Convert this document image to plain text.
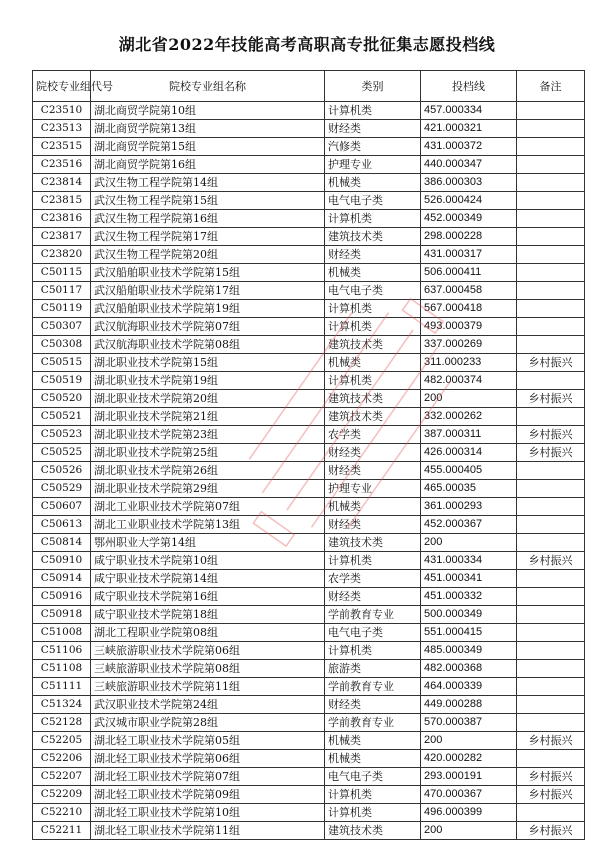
湖北省2022年技能高考高职高专批征集志愿投档线
院校专业组代号	院校专业组名称	类别	投档线	备注
C23510	湖北商贸学院第10组	计算机类	457.000334	
C23513	湖北商贸学院第13组	财经类	421.000321	
C23515	湖北商贸学院第15组	汽修类	431.000372	
C23516	湖北商贸学院第16组	护理专业	440.000347	
C23814	武汉生物工程学院第14组	机械类	386.000303	
C23815	武汉生物工程学院第15组	电气电子类	526.000424	
C23816	武汉生物工程学院第16组	计算机类	452.000349	
C23817	武汉生物工程学院第17组	建筑技术类	298.000228	
C23820	武汉生物工程学院第20组	财经类	431.000317	
C50115	武汉船舶职业技术学院第15组	机械类	506.000411	
C50117	武汉船舶职业技术学院第17组	电气电子类	637.000458	
C50119	武汉船舶职业技术学院第19组	计算机类	567.000418	
C50307	武汉航海职业技术学院第07组	计算机类	493.000379	
C50308	武汉航海职业技术学院第08组	建筑技术类	337.000269	
C50515	湖北职业技术学院第15组	机械类	311.000233	乡村振兴
C50519	湖北职业技术学院第19组	计算机类	482.000374	
C50520	湖北职业技术学院第20组	建筑技术类	200	乡村振兴
C50521	湖北职业技术学院第21组	建筑技术类	332.000262	
C50523	湖北职业技术学院第23组	农学类	387.000311	乡村振兴
C50525	湖北职业技术学院第25组	财经类	426.000314	乡村振兴
C50526	湖北职业技术学院第26组	财经类	455.000405	
C50529	湖北职业技术学院第29组	护理专业	465.00035	
C50607	湖北工业职业技术学院第07组	机械类	361.000293	
C50613	湖北工业职业技术学院第13组	财经类	452.000367	
C50814	鄂州职业大学第14组	建筑技术类	200	
C50910	咸宁职业技术学院第10组	计算机类	431.000334	乡村振兴
C50914	咸宁职业技术学院第14组	农学类	451.000341	
C50916	咸宁职业技术学院第16组	财经类	451.000332	
C50918	咸宁职业技术学院第18组	学前教育专业	500.000349	
C51008	湖北工程职业学院第08组	电气电子类	551.000415	
C51106	三峡旅游职业技术学院第06组	计算机类	485.000349	
C51108	三峡旅游职业技术学院第08组	旅游类	482.000368	
C51111	三峡旅游职业技术学院第11组	学前教育专业	464.000339	
C51324	武汉职业技术学院第24组	财经类	449.000288	
C52128	武汉城市职业学院第28组	学前教育专业	570.000387	
C52205	湖北轻工职业技术学院第05组	机械类	200	乡村振兴
C52206	湖北轻工职业技术学院第06组	机械类	420.000282	
C52207	湖北轻工职业技术学院第07组	电气电子类	293.000191	乡村振兴
C52209	湖北轻工职业技术学院第09组	计算机类	470.000367	乡村振兴
C52210	湖北轻工职业技术学院第10组	计算机类	496.000399	
C52211	湖北轻工职业技术学院第11组	建筑技术类	200	乡村振兴
